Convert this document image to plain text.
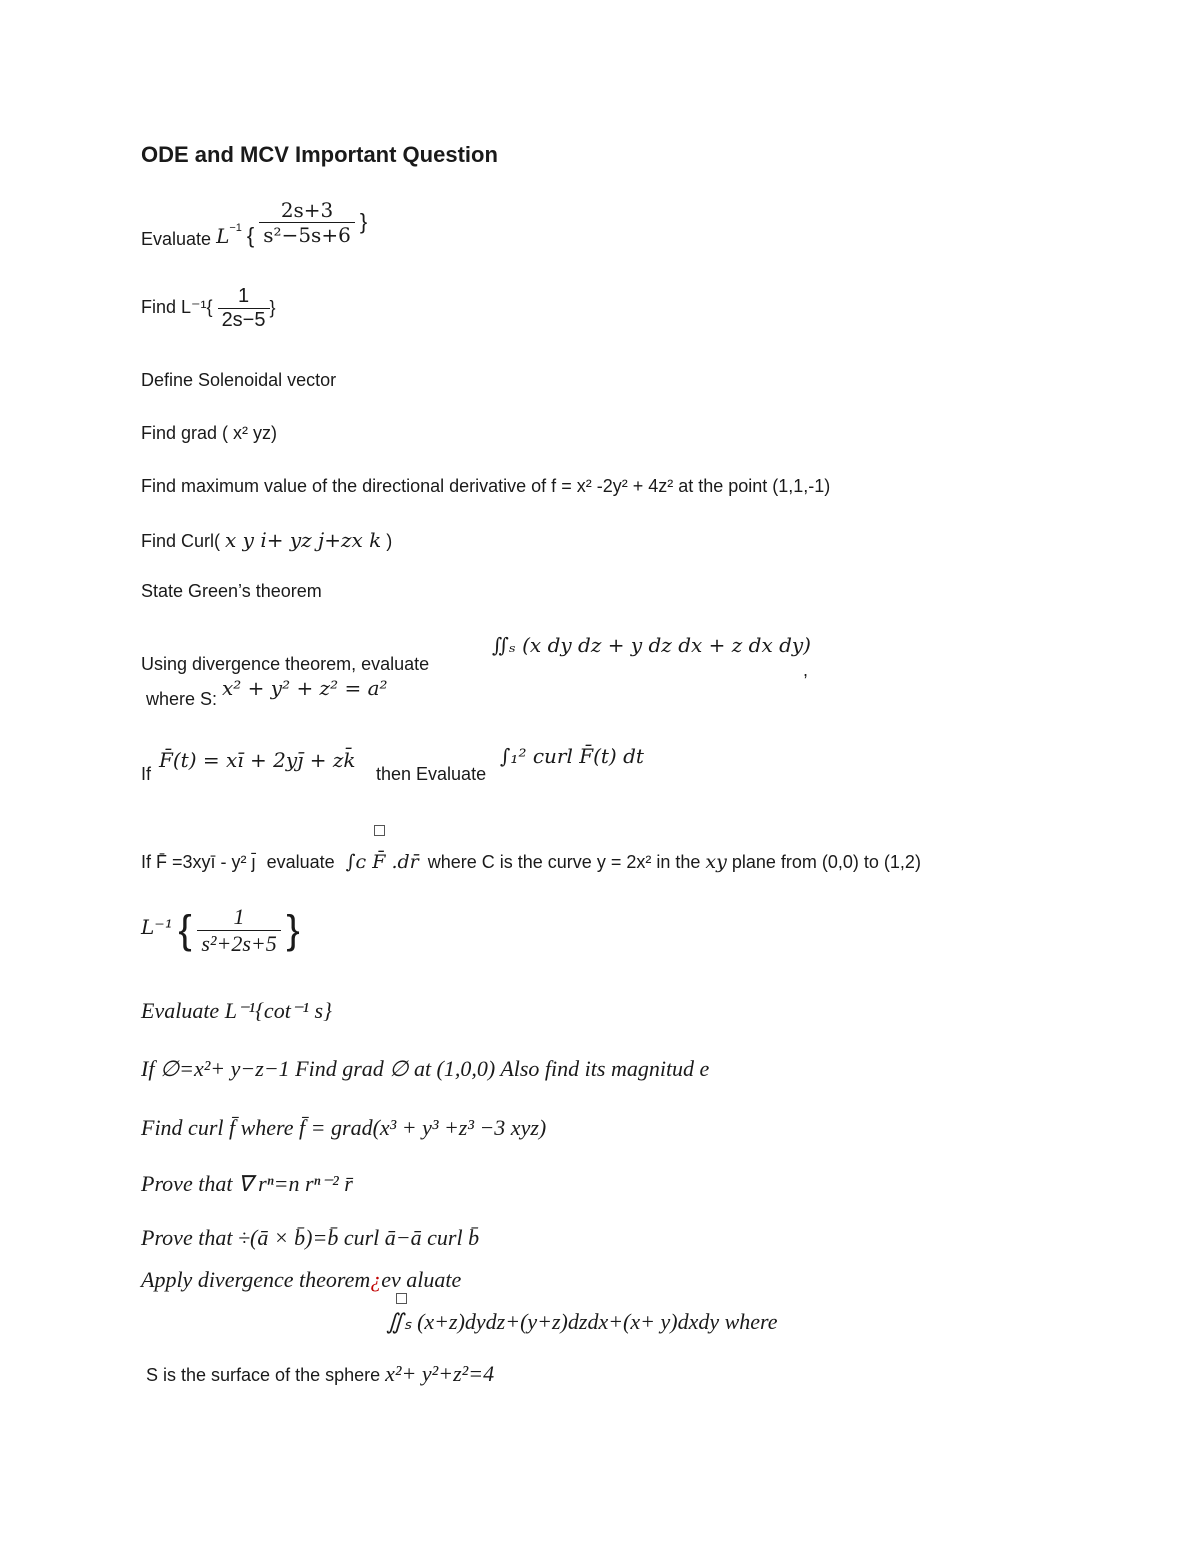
ODE and MCV Important Question
Evaluate $L^{-1}$ { $\frac{2s+3}{\text{s²−5s+6}}$ }
Find $L^{-1}\{ \frac{1}{2s-5}$ }
Define Solenoidal vector
Find grad ( x² yz)
Find maximum value of the directional derivative of f = x² -2y² + 4z² at the point (1,1,-1)
Find Curl( x y i+ yz j+zx k )
State Green’s theorem
Using divergence theorem, evaluate
∬ₛ (x dy dz + y dz dx + z dx dy)
,
where S: x² + y² + z² = a²
If
F̄(t) = xī + 2yȷ̄ + zk̄
then Evaluate
∫₁² curl F̄(t) dt
If F̄ =3xyī - y² ȷ̄ evaluate ∫ᴄ F̄ .dr̄ where C is the curve y = 2x² in the xy plane from (0,0) to (1,2)
L⁻¹ { $\frac{1}{\text{s²+2s+5}}$ }
Evaluate L⁻¹{cot⁻¹ s}
If ∅=x²+ y−z−1 Find grad ∅ at (1,0,0) Also find its magnitud e
Find curl f̄ where f̄ = grad(x³ + y³ +z³ −3 xyz)
Prove that ∇ rⁿ=n rⁿ⁻² r̄
Prove that ÷(ā × b̄)=b̄ curl ā−ā curl b̄
Apply divergence theorem¿ev aluate
∬ₛ (x+z)dydz+(y+z)dzdx+(x+ y)dxdy where
S is the surface of the sphere x²+ y²+z²=4
